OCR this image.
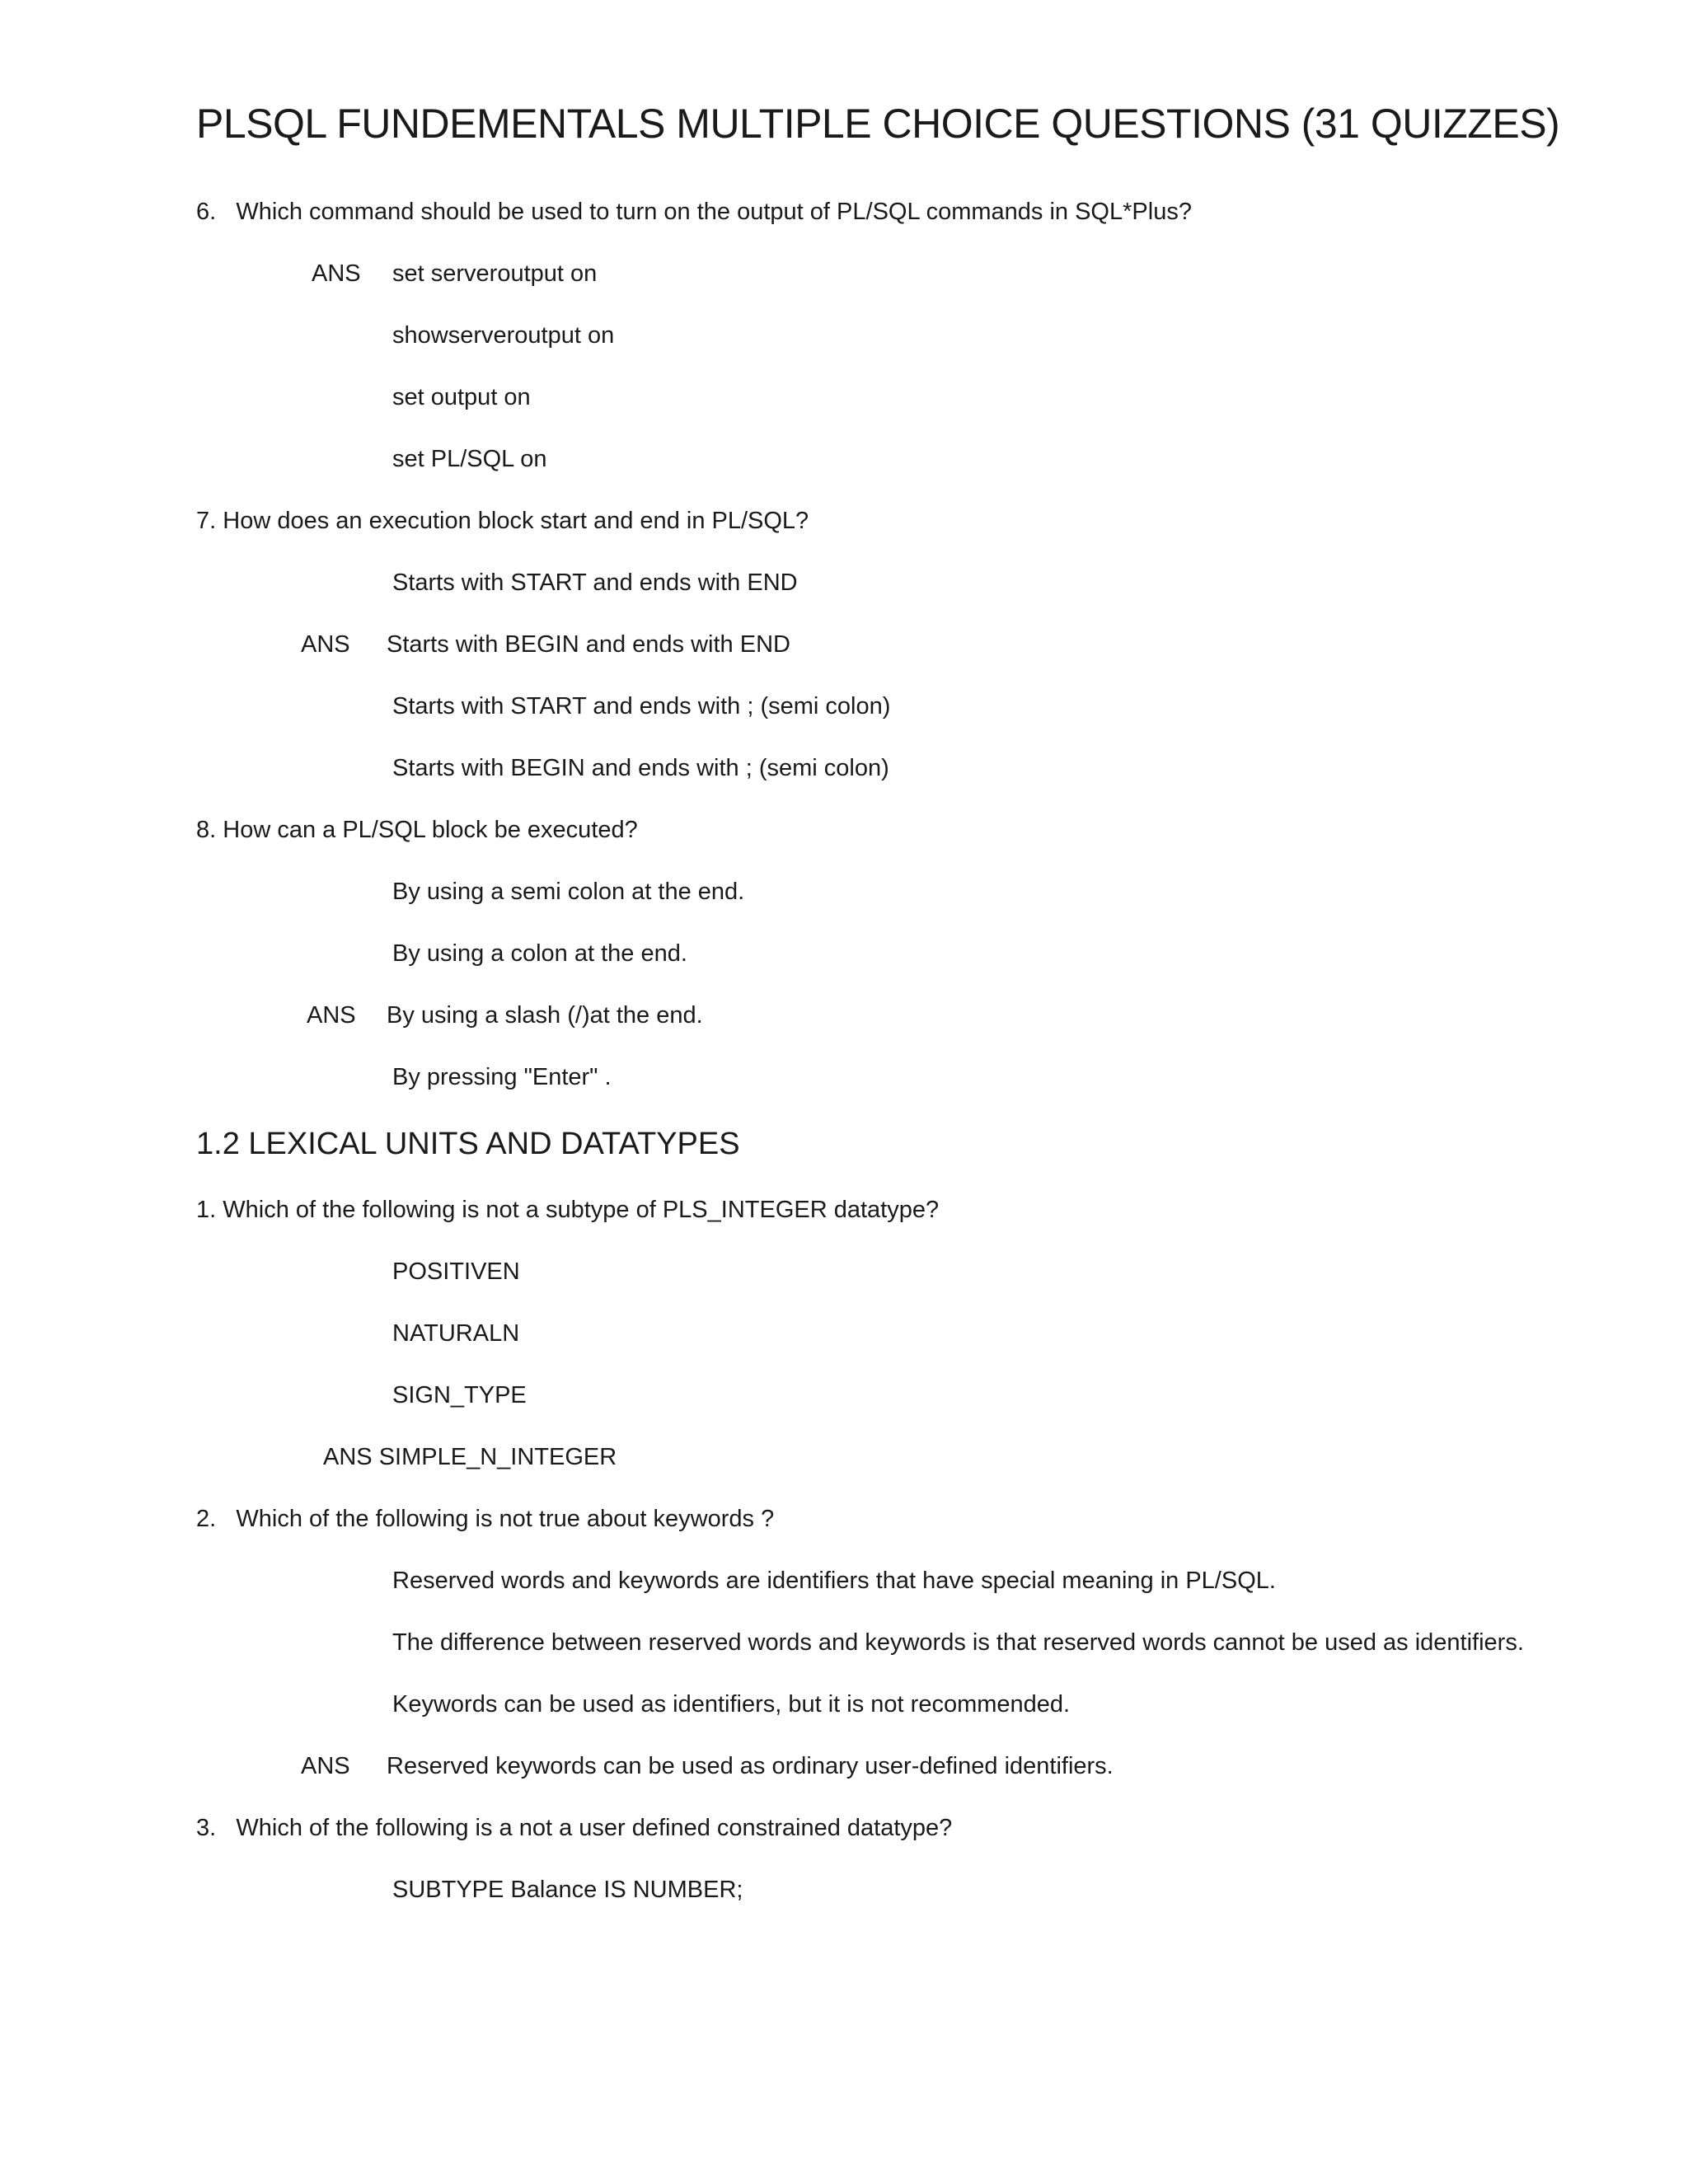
PLSQL FUNDEMENTALS MULTIPLE CHOICE QUESTIONS (31 QUIZZES)
6. Which command should be used to turn on the output of PL/SQL commands in SQL*Plus?
ANS set serveroutput on
showserveroutput on
set output on
set PL/SQL on
7. How does an execution block start and end in PL/SQL?
Starts with START and ends with END
ANS Starts with BEGIN and ends with END
Starts with START and ends with ; (semi colon)
Starts with BEGIN and ends with ; (semi colon)
8. How can a PL/SQL block be executed?
By using a semi colon at the end.
By using a colon at the end.
ANS By using a slash (/)at the end.
By pressing "Enter" .
1.2 LEXICAL UNITS AND DATATYPES
1. Which of the following is not a subtype of PLS_INTEGER datatype?
POSITIVEN
NATURALN
SIGN_TYPE
ANS SIMPLE_N_INTEGER
2. Which of the following is not true about keywords ?
Reserved words and keywords are identifiers that have special meaning in PL/SQL.
The difference between reserved words and keywords is that reserved words cannot be used as identifiers.
Keywords can be used as identifiers, but it is not recommended.
ANS Reserved keywords can be used as ordinary user-defined identifiers.
3. Which of the following is a not a user defined constrained datatype?
SUBTYPE Balance IS NUMBER;
